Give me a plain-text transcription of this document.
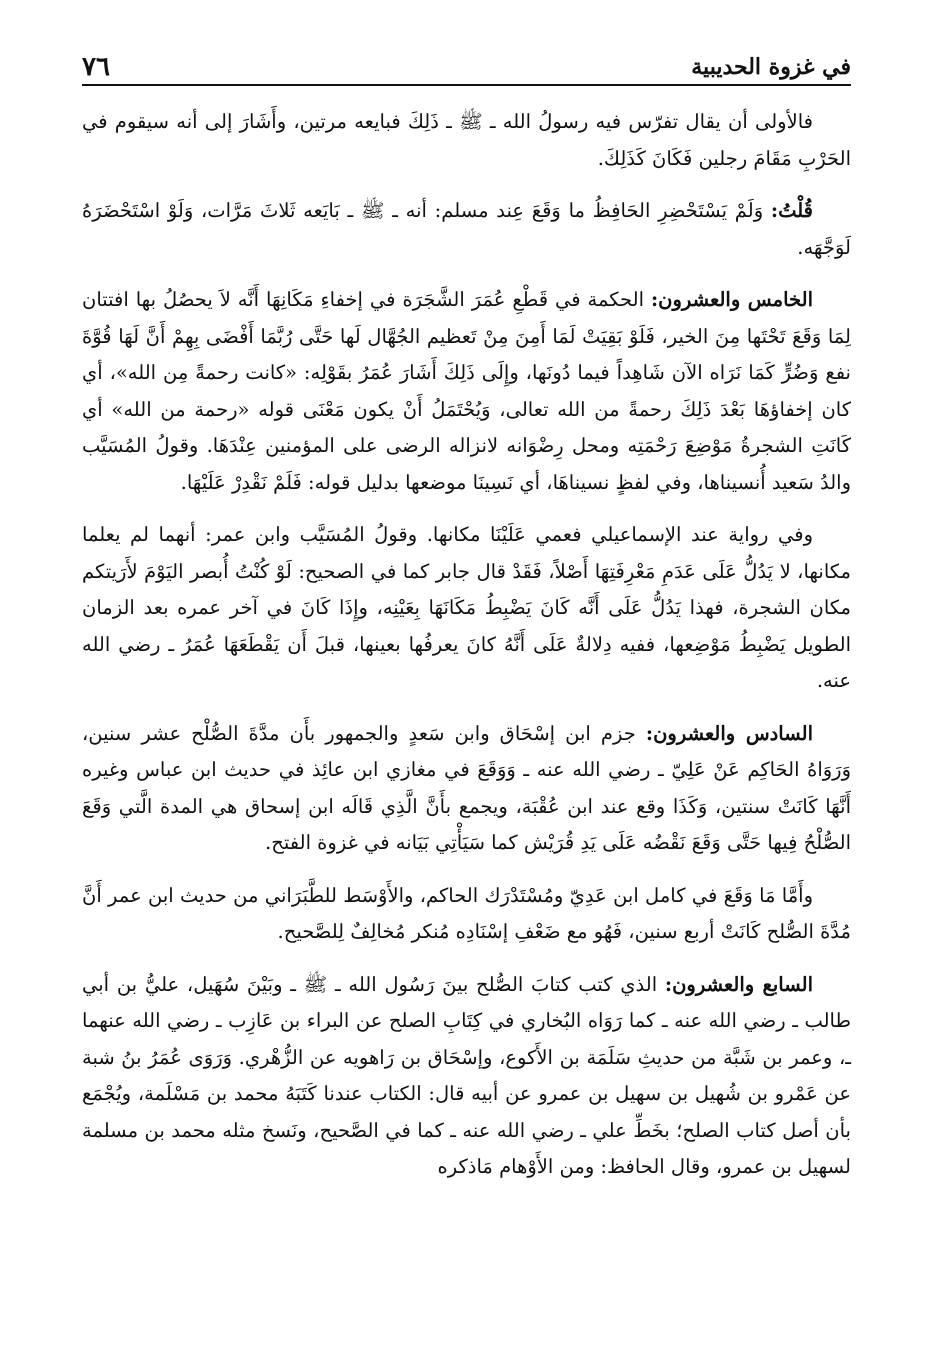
في غزوة الحديبية
٧٦

فالأولى أن يقال تفرّس فيه رسولُ الله ـ ﷺ ـ ذَلِكَ فبايعه مرتين، وأَشَارَ إلى أنه سيقوم في الحَرْبِ مَقَامَ رجلين فَكَانَ كَذَلِكَ.

قُلْتُ: وَلَمْ يَسْتَحْضِرِ الحَافِظُ ما وَقَعَ عِند مسلم: أنه ـ ﷺ ـ بَايَعه ثَلاثَ مَرَّات، وَلَوْ اسْتَحْضَرَهُ لَوَجَّهَه.

الخامس والعشرون: الحكمة في قَطْعِ عُمَرَ الشَّجَرَة في إخفاءِ مَكَانِهَا أَنَّه لاَ يحصُلُ بها افتتان لِمَا وَقَعَ تَحْتَها مِنَ الخير، فَلَوْ بَقِيَتْ لَمَا أَمِنَ مِنْ تَعظيم الجُهَّال لَها حَتَّى رُبَّمَا أَفْضَى بِهِمْ أَنَّ لَهَا قُوَّةَ نفع وَضُرٍّ كَمَا نَرَاه الآن شَاهِداً فيما دُونَها، وإِلَى ذَلِكَ أَشَارَ عُمَرُ بقَوْلِه: «كانت رحمةً مِن الله»، أي كان إخفاؤهَا بَعْدَ ذَلِكَ رحمةً من الله تعالى، وَيُحْتَمَلُ أَنْ يكون مَعْنَى قوله «رحمة من الله» أي كَانَتِ الشجرةُ مَوْضِعَ رَحْمَتِه ومحل رِضْوَانه لانزاله الرضى على المؤمنين عِنْدَهَا. وقولُ المُسَيَّب والدُ سَعيد أُنسيناها، وفي لفظٍ نسيناهَا، أي نَسِينَا موضعها بدليل قوله: فَلَمْ نَقْدِرْ عَلَيْهَا.

وفي رواية عند الإسماعيلي فعمي عَلَيْنَا مكانها. وقولُ المُسَيَّب وابن عمر: أنهما لم يعلما مكانها، لا يَدُلُّ عَلَى عَدَمِ مَعْرِفَتِهَا أَصْلاً، فَقَدْ قال جابر كما في الصحيح: لَوْ كُنْتُ أُبصر اليَوْمَ لأَرَيتكم مكان الشجرة، فهذا يَدُلُّ عَلَى أَنَّه كَانَ يَضْبِطُ مَكَانَهَا بِعَيْنِه، وإِذَا كَانَ في آخر عمره بعد الزمان الطويل يَضْبِطُ مَوْضِعها، ففيه دِلالةٌ عَلَى أَنَّهُ كانَ يعرفُها بعينها، قبلَ أَن يَقْطَعَهَا عُمَرُ ـ رضي الله عنه.

السادس والعشرون: جزم ابن إسْحَاق وابن سَعدٍ والجمهور بأَن مدَّةَ الصُّلْح عشر سنين، وَرَوَاهُ الحَاكِم عَنْ عَلِيّ ـ رضي الله عنه ـ وَوَقَعَ في مغازي ابن عائِذ في حديث ابن عباس وغيره أَنَّهَا كَانَتْ سنتين، وَكَذَا وقع عند ابن عُقْبَة، ويجمع بأَنَّ الَّذِي قَالَه ابن إسحاق هي المدة الَّتي وَقَعَ الصُّلْحُ فِيها حَتَّى وَقَعَ نَقْضُه عَلَى يَدِ قُرَيْش كما سَيَأْتِي بَيَانه في غزوة الفتح.

وأَمَّا مَا وَقَعَ في كامل ابن عَدِيّ ومُسْتَدْرَك الحاكم، والأَوْسَط للطَّبَرَاني من حديث ابن عمر أَنَّ مُدَّةَ الصُّلح كَانَتْ أربع سنين، فَهُو مع ضَعْفِ إسْنَادِه مُنكر مُخالِفٌ لِلصَّحيح.

السابع والعشرون: الذي كتب كتابَ الصُّلح بينَ رَسُول الله ـ ﷺ ـ وبَيْنَ سُهَيل، عليُّ بن أبي طالب ـ رضي الله عنه ـ كما رَوَاه البُخاري في كِتَابِ الصلح عن البراء بن عَازِب ـ رضي الله عنهما ـ، وعمر بن شَبَّة من حديثِ سَلَمَة بن الأَكوع، وإسْحَاق بن رَاهويه عن الزُّهْري. وَرَوَى عُمَرُ بنُ شبة عن عَمْرو بن شُهيل بن سهيل بن عمرو عن أبيه قال: الكتاب عندنا كَتَبَهُ محمد بن مَسْلَمة، ويُجْمَع بأن أصل كتاب الصلح؛ بخَطِّ علي ـ رضي الله عنه ـ كما في الصَّحيح، ونَسخ مثله محمد بن مسلمة لسهيل بن عمرو، وقال الحافظ: ومن الأَوْهام مَاذكره
